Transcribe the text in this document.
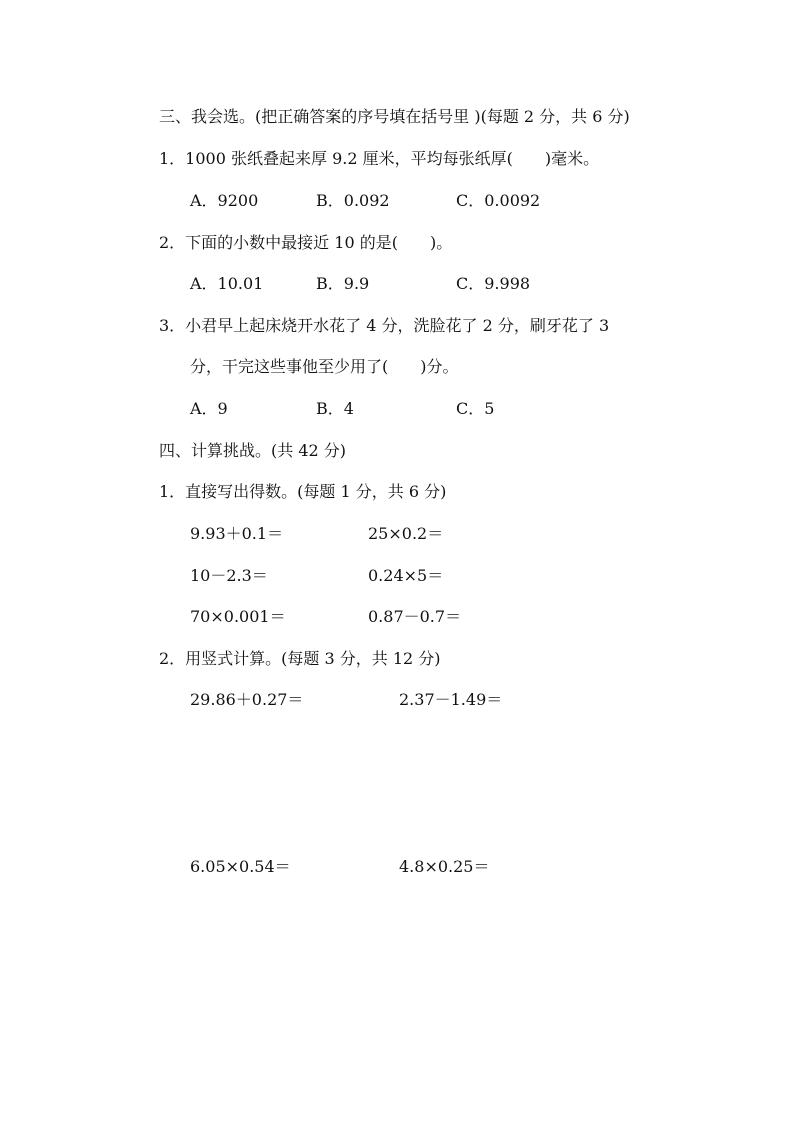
三、我会选。(把正确答案的序号填在括号里 )(每题 2 分，共 6 分)
1．1000 张纸叠起来厚 9.2 厘米，平均每张纸厚(　　)毫米。
A．9200	B．0.092	C．0.0092
2．下面的小数中最接近 10 的是(　　)。
A．10.01	B．9.9	C．9.998
3．小君早上起床烧开水花了 4 分，洗脸花了 2 分，刷牙花了 3
分，干完这些事他至少用了(　　)分。
A．9	B．4	C．5
四、计算挑战。(共 42 分)
1．直接写出得数。(每题 1 分，共 6 分)
9.93＋0.1＝	25×0.2＝
10－2.3＝	0.24×5＝
70×0.001＝	0.87－0.7＝
2．用竖式计算。(每题 3 分，共 12 分)
29.86＋0.27＝	2.37－1.49＝
6.05×0.54＝	4.8×0.25＝
